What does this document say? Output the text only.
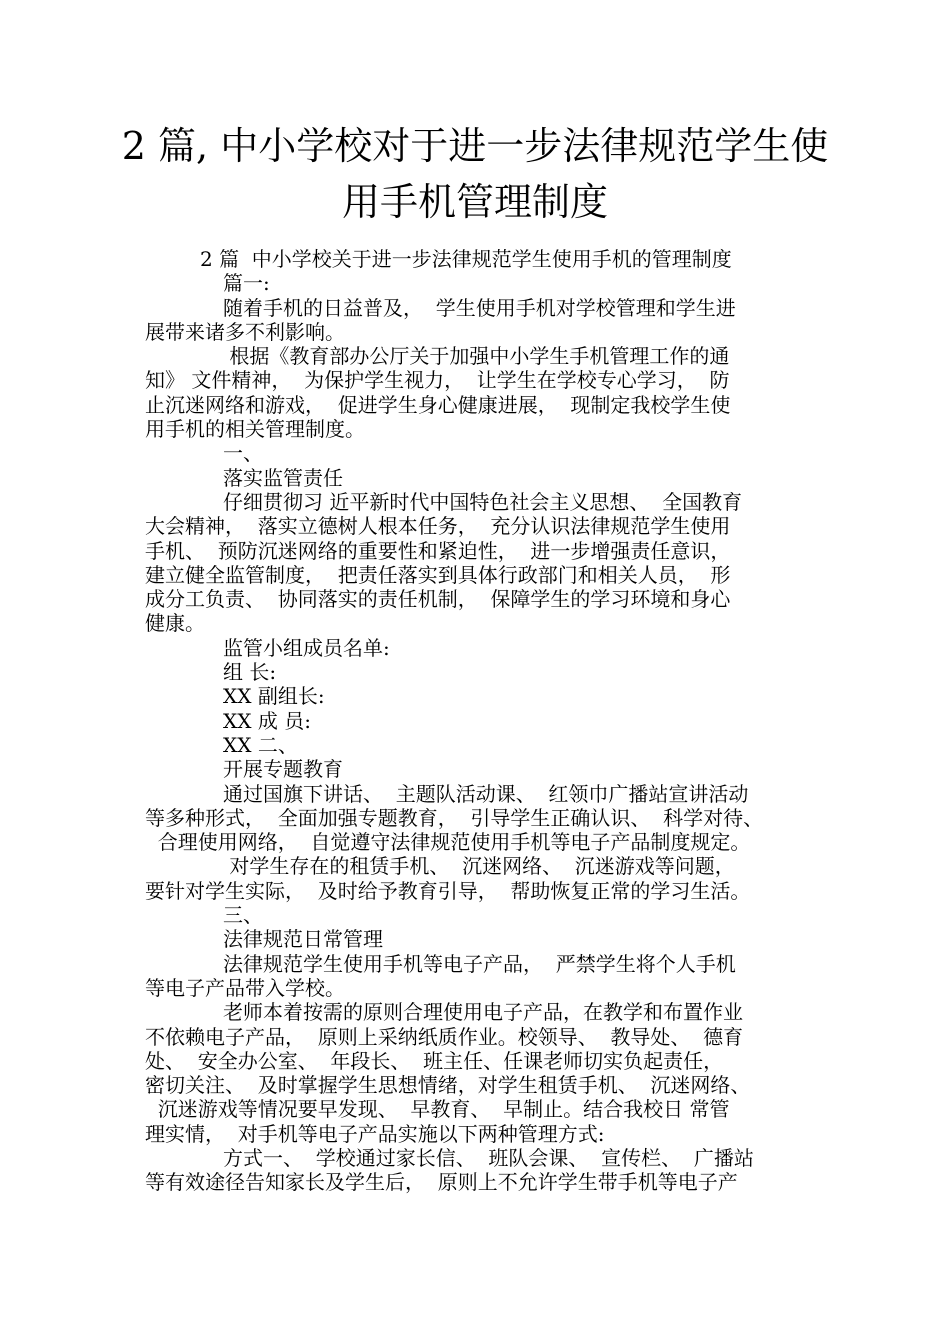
2 篇, 中小学校对于进一步法律规范学生使
用手机管理制度
2 篇  中小学校关于进一步法律规范学生使用手机的管理制度
篇一:
随着手机的日益普及，  学生使用手机对学校管理和学生进
展带来诸多不利影响。
根据《教育部办公厅关于加强中小学生手机管理工作的通
知》 文件精神，  为保护学生视力，  让学生在学校专心学习，  防
止沉迷网络和游戏，  促进学生身心健康进展，  现制定我校学生使
用手机的相关管理制度。
一、
落实监管责任
仔细贯彻习 近平新时代中国特色社会主义思想、  全国教育
大会精神，  落实立德树人根本任务，  充分认识法律规范学生使用
手机、  预防沉迷网络的重要性和紧迫性，  进一步增强责任意识，
建立健全监管制度，  把责任落实到具体行政部门和相关人员，  形
成分工负责、  协同落实的责任机制，  保障学生的学习环境和身心
健康。
监管小组成员名单:
组 长:
XX 副组长:
XX 成 员:
XX 二、
开展专题教育
通过国旗下讲话、  主题队活动课、  红领巾广播站宣讲活动
等多种形式，  全面加强专题教育，  引导学生正确认识、  科学对待、
合理使用网络，  自觉遵守法律规范使用手机等电子产品制度规定。
对学生存在的租赁手机、  沉迷网络、  沉迷游戏等问题，
要针对学生实际，  及时给予教育引导，  帮助恢复正常的学习生活。
三、
法律规范日常管理
法律规范学生使用手机等电子产品，  严禁学生将个人手机
等电子产品带入学校。
老师本着按需的原则合理使用电子产品，在教学和布置作业
不依赖电子产品，  原则上采纳纸质作业。校领导、  教导处、  德育
处、  安全办公室、  年段长、  班主任、任课老师切实负起责任，
密切关注、  及时掌握学生思想情绪，对学生租赁手机、  沉迷网络、
沉迷游戏等情况要早发现、  早教育、  早制止。结合我校日 常管
理实情，  对手机等电子产品实施以下两种管理方式:
方式一、  学校通过家长信、  班队会课、  宣传栏、  广播站
等有效途径告知家长及学生后，  原则上不允许学生带手机等电子产
